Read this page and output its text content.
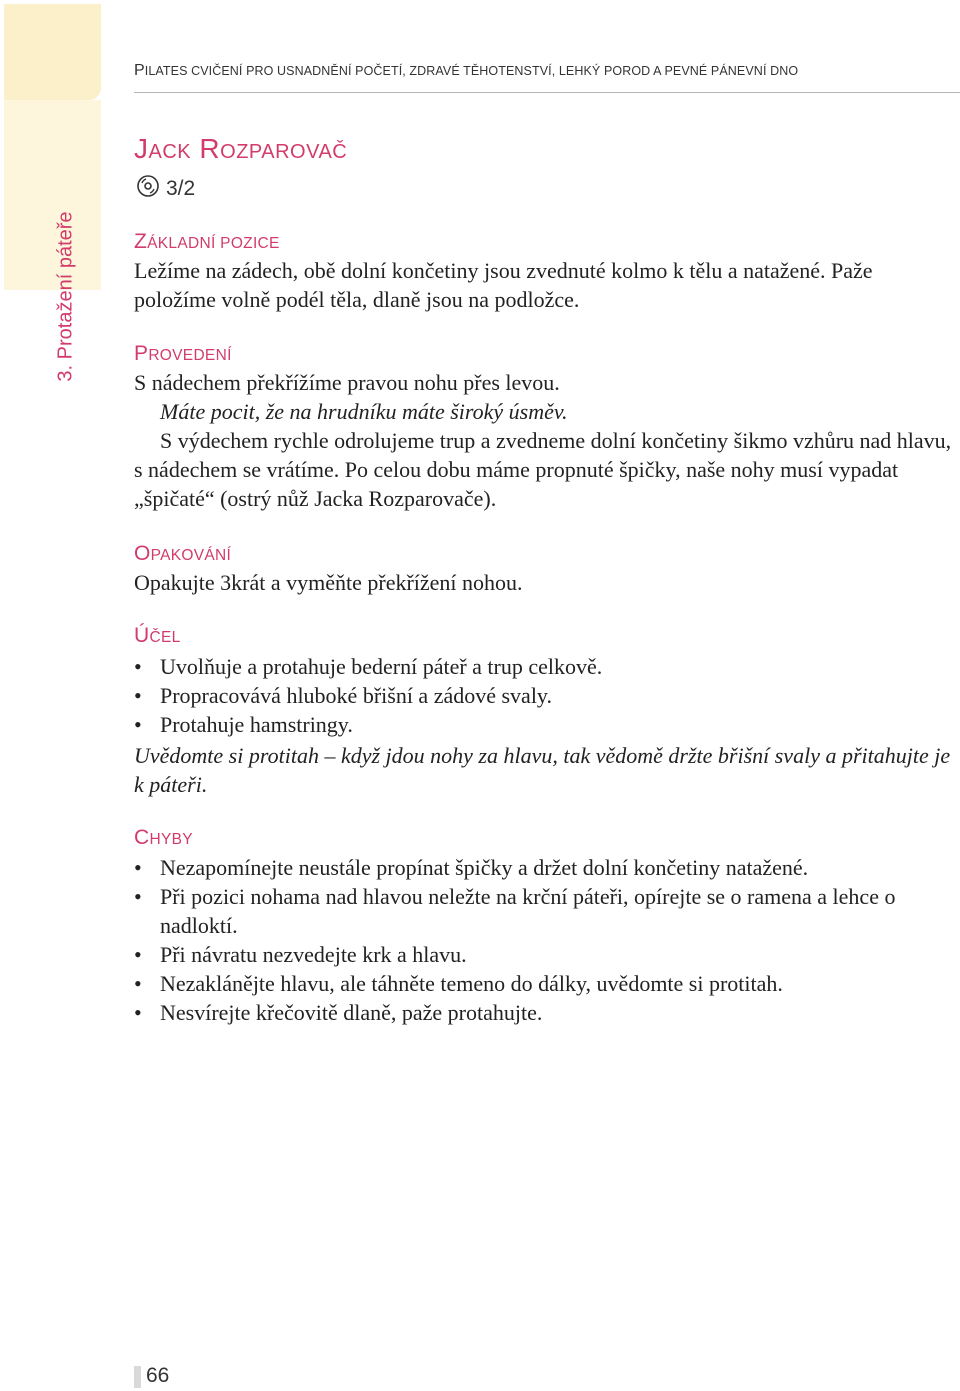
3. Protažení páteře
PILATES CVIČENÍ PRO USNADNĚNÍ POČETÍ, ZDRAVÉ TĚHOTENSTVÍ, LEHKÝ POROD A PEVNÉ PÁNEVNÍ DNO
JACK ROZPAROVAČ
3/2
ZÁKLADNÍ POZICE
Ležíme na zádech, obě dolní končetiny jsou zvednuté kolmo k tělu a natažené. Paže položíme volně podél těla, dlaně jsou na podložce.
PROVEDENÍ
S nádechem překřížíme pravou nohu přes levou.
Máte pocit, že na hrudníku máte široký úsměv.
S výdechem rychle odrolujeme trup a zvedneme dolní končetiny šikmo vzhůru nad hlavu, s nádechem se vrátíme. Po celou dobu máme propnuté špičky, naše nohy musí vypadat „špičaté“ (ostrý nůž Jacka Rozparovače).
OPAKOVÁNÍ
Opakujte 3krát a vyměňte překřížení nohou.
ÚČEL
• Uvolňuje a protahuje bederní páteř a trup celkově.
• Propracovává hluboké břišní a zádové svaly.
• Protahuje hamstringy.
Uvědomte si protitah – když jdou nohy za hlavu, tak vědomě držte břišní svaly a přitahujte je k páteři.
CHYBY
• Nezapomínejte neustále propínat špičky a držet dolní končetiny natažené.
• Při pozici nohama nad hlavou neležte na krční páteři, opírejte se o ramena a lehce o nadloktí.
• Při návratu nezvedejte krk a hlavu.
• Nezaklánějte hlavu, ale táhněte temeno do dálky, uvědomte si protitah.
• Nesvírejte křečovitě dlaně, paže protahujte.
66
